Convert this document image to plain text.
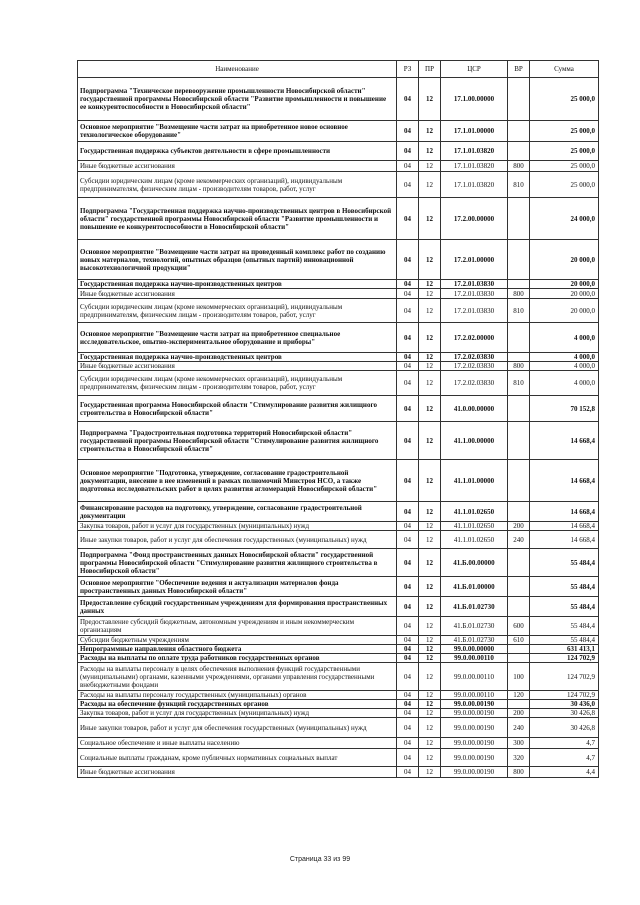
Наименование	РЗ	ПР	ЦСР	ВР	Сумма
Подпрограмма "Техническое перевооружение промышленности Новосибирской области" государственной программы Новосибирской области "Развитие промышленности и повышение ее конкурентоспособности в Новосибирской области"	04	12	17.1.00.00000		25 000,0
Основное мероприятие "Возмещение части затрат на приобретенное новое основное технологическое оборудование"	04	12	17.1.01.00000		25 000,0
Государственная поддержка субъектов деятельности в сфере промышленности	04	12	17.1.01.03820		25 000,0
Иные бюджетные ассигнования	04	12	17.1.01.03820	800	25 000,0
Субсидии юридическим лицам (кроме некоммерческих организаций), индивидуальным предпринимателям, физическим лицам - производителям товаров, работ, услуг	04	12	17.1.01.03820	810	25 000,0
Подпрограмма "Государственная поддержка научно-производственных центров в Новосибирской области" государственной программы Новосибирской области "Развитие промышленности и повышение ее конкурентоспособности в Новосибирской области"	04	12	17.2.00.00000		24 000,0
Основное мероприятие "Возмещение части затрат на проведенный комплекс работ по созданию новых материалов, технологий, опытных образцов (опытных партий) инновационной высокотехнологичной продукции"	04	12	17.2.01.00000		20 000,0
Государственная поддержка научно-производственных центров	04	12	17.2.01.03830		20 000,0
Иные бюджетные ассигнования	04	12	17.2.01.03830	800	20 000,0
Субсидии юридическим лицам (кроме некоммерческих организаций), индивидуальным предпринимателям, физическим лицам - производителям товаров, работ, услуг	04	12	17.2.01.03830	810	20 000,0
Основное мероприятие "Возмещение части затрат на приобретенное специальное исследовательское, опытно-экспериментальное оборудование и приборы"	04	12	17.2.02.00000		4 000,0
Государственная поддержка научно-производственных центров	04	12	17.2.02.03830		4 000,0
Иные бюджетные ассигнования	04	12	17.2.02.03830	800	4 000,0
Субсидии юридическим лицам (кроме некоммерческих организаций), индивидуальным предпринимателям, физическим лицам - производителям товаров, работ, услуг	04	12	17.2.02.03830	810	4 000,0
Государственная программа Новосибирской области "Стимулирование развития жилищного строительства в Новосибирской области"	04	12	41.0.00.00000		70 152,8
Подпрограмма "Градостроительная подготовка территорий Новосибирской области" государственной программы Новосибирской области "Стимулирование развития жилищного строительства в Новосибирской области"	04	12	41.1.00.00000		14 668,4
Основное мероприятие "Подготовка, утверждение, согласование градостроительной документации, внесение в нее изменений в рамках полномочий Минстроя НСО, а также подготовка исследовательских работ в целях развития агломераций Новосибирской области"	04	12	41.1.01.00000		14 668,4
Финансирование расходов на подготовку, утверждение, согласование градостроительной документации	04	12	41.1.01.02650		14 668,4
Закупка товаров, работ и услуг для государственных (муниципальных) нужд	04	12	41.1.01.02650	200	14 668,4
Иные закупки товаров, работ и услуг для обеспечения государственных (муниципальных) нужд	04	12	41.1.01.02650	240	14 668,4
Подпрограмма "Фонд пространственных данных Новосибирской области" государственной программы Новосибирской области "Стимулирование развития жилищного строительства в Новосибирской области"	04	12	41.Б.00.00000		55 484,4
Основное мероприятие "Обеспечение ведения и актуализации материалов фонда пространственных данных Новосибирской области"	04	12	41.Б.01.00000		55 484,4
Предоставление субсидий государственным учреждениям для формирования пространственных данных	04	12	41.Б.01.02730		55 484,4
Предоставление субсидий бюджетным, автономным учреждениям и иным некоммерческим организациям	04	12	41.Б.01.02730	600	55 484,4
Субсидии бюджетным учреждениям	04	12	41.Б.01.02730	610	55 484,4
Непрограммные направления областного бюджета	04	12	99.0.00.00000		631 413,1
Расходы на выплаты по оплате труда работников государственных органов	04	12	99.0.00.00110		124 702,9
Расходы на выплаты персоналу в целях обеспечения выполнения функций государственными (муниципальными) органами, казенными учреждениями, органами управления государственными внебюджетными фондами	04	12	99.0.00.00110	100	124 702,9
Расходы на выплаты персоналу государственных (муниципальных) органов	04	12	99.0.00.00110	120	124 702,9
Расходы на обеспечение функций государственных органов	04	12	99.0.00.00190		30 436,0
Закупка товаров, работ и услуг для государственных (муниципальных) нужд	04	12	99.0.00.00190	200	30 426,8
Иные закупки товаров, работ и услуг для обеспечения государственных (муниципальных) нужд	04	12	99.0.00.00190	240	30 426,8
Социальное обеспечение и иные выплаты населению	04	12	99.0.00.00190	300	4,7
Социальные выплаты гражданам, кроме публичных нормативных социальных выплат	04	12	99.0.00.00190	320	4,7
Иные бюджетные ассигнования	04	12	99.0.00.00190	800	4,4
Страница 33 из 99
